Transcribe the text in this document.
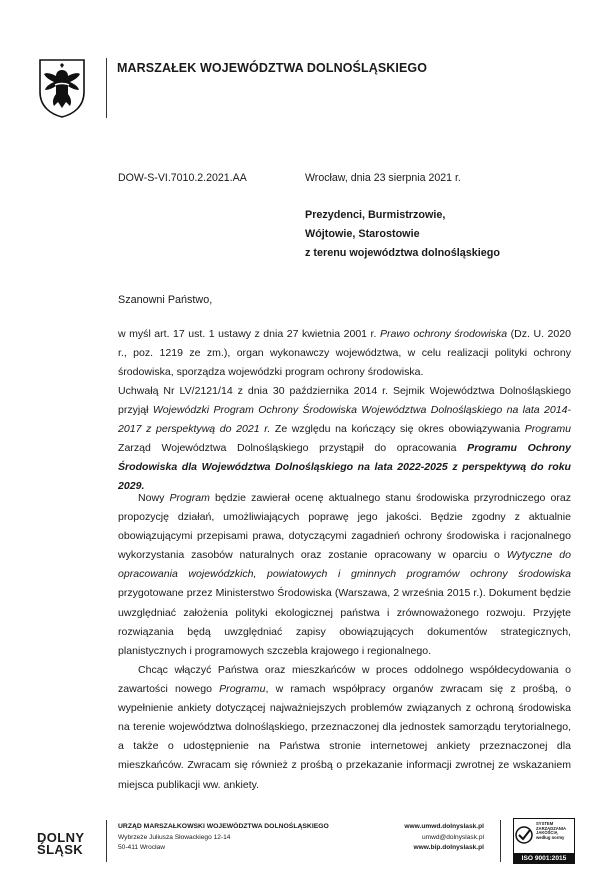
MARSZAŁEK WOJEWÓDZTWA DOLNOŚLĄSKIEGO
DOW-S-VI.7010.2.2021.AA	Wrocław, dnia 23 sierpnia 2021 r.
Prezydenci, Burmistrzowie,
Wójtowie, Starostowie
z terenu województwa dolnośląskiego
Szanowni Państwo,
w myśl art. 17 ust. 1 ustawy z dnia 27 kwietnia 2001 r. Prawo ochrony środowiska (Dz. U. 2020 r., poz. 1219 ze zm.), organ wykonawczy województwa, w celu realizacji polityki ochrony środowiska, sporządza wojewódzki program ochrony środowiska.
Uchwałą Nr LV/2121/14 z dnia 30 października 2014 r. Sejmik Województwa Dolnośląskiego przyjął Wojewódzki Program Ochrony Środowiska Województwa Dolnośląskiego na lata 2014-2017 z perspektywą do 2021 r. Ze względu na kończący się okres obowiązywania Programu Zarząd Województwa Dolnośląskiego przystąpił do opracowania Programu Ochrony Środowiska dla Województwa Dolnośląskiego na lata 2022-2025 z perspektywą do roku 2029.
Nowy Program będzie zawierał ocenę aktualnego stanu środowiska przyrodniczego oraz propozycję działań, umożliwiających poprawę jego jakości. Będzie zgodny z aktualnie obowiązującymi przepisami prawa, dotyczącymi zagadnień ochrony środowiska i racjonalnego wykorzystania zasobów naturalnych oraz zostanie opracowany w oparciu o Wytyczne do opracowania wojewódzkich, powiatowych i gminnych programów ochrony środowiska przygotowane przez Ministerstwo Środowiska (Warszawa, 2 września 2015 r.). Dokument będzie uwzględniać założenia polityki ekologicznej państwa i zrównoważonego rozwoju. Przyjęte rozwiązania będą uwzględniać zapisy obowiązujących dokumentów strategicznych, planistycznych i programowych szczebla krajowego i regionalnego.
Chcąc włączyć Państwa oraz mieszkańców w proces oddolnego współdecydowania o zawartości nowego Programu, w ramach współpracy organów zwracam się z prośbą, o wypełnienie ankiety dotyczącej najważniejszych problemów związanych z ochroną środowiska na terenie województwa dolnośląskiego, przeznaczonej dla jednostek samorządu terytorialnego, a także o udostępnienie na Państwa stronie internetowej ankiety przeznaczonej dla mieszkańców. Zwracam się również z prośbą o przekazanie informacji zwrotnej ze wskazaniem miejsca publikacji ww. ankiety.
DOLNY
ŚLĄSK
URZĄD MARSZAŁKOWSKI WOJEWÓDZTWA DOLNOŚLĄSKIEGO
Wybrzeże Juliusza Słowackiego 12-14
50-411 Wrocław
www.umwd.dolnyslask.pl
umwd@dolnyslask.pl
www.bip.dolnyslask.pl
SYSTEM
ZARZĄDZANIA
JAKOŚCIĄ
według normy
ISO 9001:2015
